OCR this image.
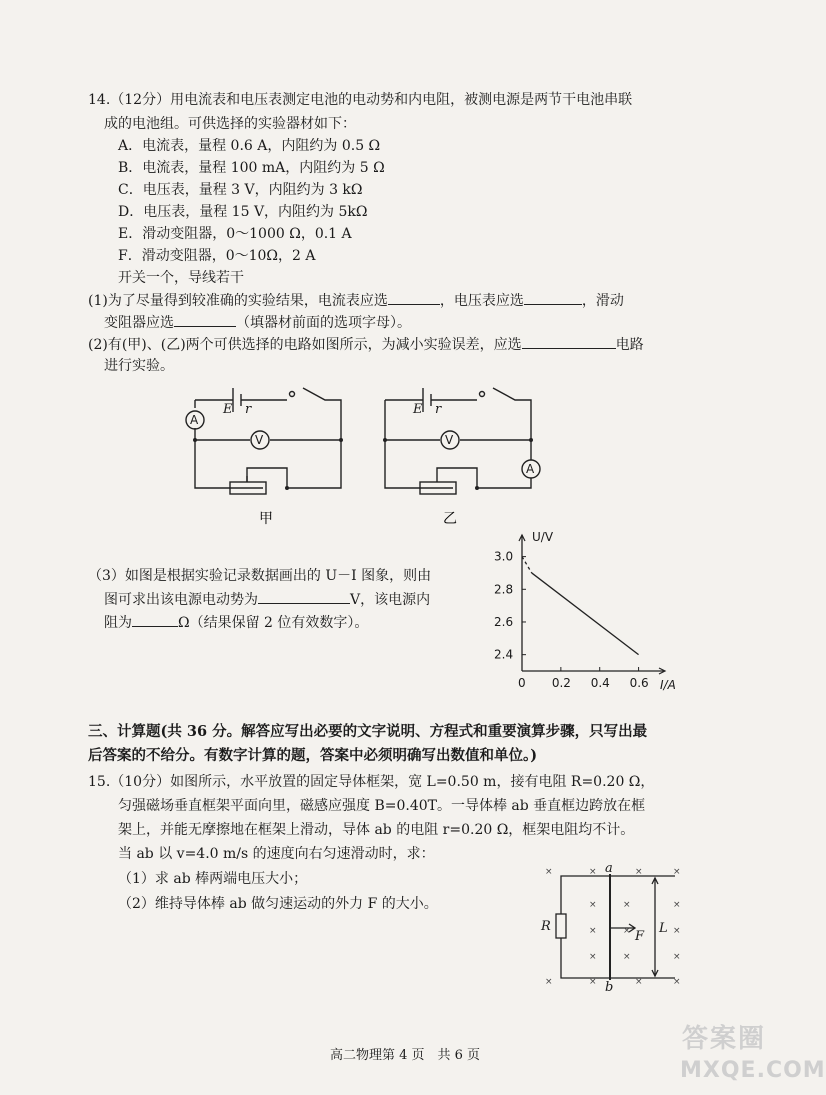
14.（12分）用电流表和电压表测定电池的电动势和内电阻，被测电源是两节干电池串联
成的电池组。可供选择的实验器材如下：
A．电流表，量程 0.6 A，内阻约为 0.5 Ω
B．电流表，量程 100 mA，内阻约为 5 Ω
C．电压表，量程 3 V，内阻约为 3 kΩ
D．电压表，量程 15 V，内阻约为 5kΩ
E．滑动变阻器，0～1000 Ω，0.1 A
F．滑动变阻器，0～10Ω，2 A
开关一个，导线若干
(1)为了尽量得到较准确的实验结果，电流表应选	，电压表应选	，滑动
变阻器应选	（填器材前面的选项字母）。
(2)有(甲)、(乙)两个可供选择的电路如图所示，为减小实验误差，应选	电路
进行实验。
E r
A
V
E r
A
V
甲	乙
（3）如图是根据实验记录数据画出的 U－I 图象，则由
图可求出该电源电动势为	V，该电源内
阻为	Ω（结果保留 2 位有效数字）。
U/V
I/A
0 0.2 0.4 0.6
2.4
2.6
2.8
3.0
三、计算题(共 36 分。解答应写出必要的文字说明、方程式和重要演算步骤，只写出最
后答案的不给分。有数字计算的题，答案中必须明确写出数值和单位。)
15.（10分）如图所示，水平放置的固定导体框架，宽 L=0.50 m，接有电阻 R=0.20 Ω，
匀强磁场垂直框架平面向里，磁感应强度 B=0.40T。一导体棒 ab 垂直框边跨放在框
架上，并能无摩擦地在框架上滑动，导体 ab 的电阻 r=0.20 Ω，框架电阻均不计。
当 ab 以 v=4.0 m/s 的速度向右匀速滑动时，求：
（1）求 ab 棒两端电压大小；
（2）维持导体棒 ab 做匀速运动的外力 F 的大小。
×	×	×	×
×	×	×
×	×	×
×	×	×
×	×	×	×
a
b
R
F
L
高二物理第 4 页　共 6 页
答案圈
MXQE.COM
